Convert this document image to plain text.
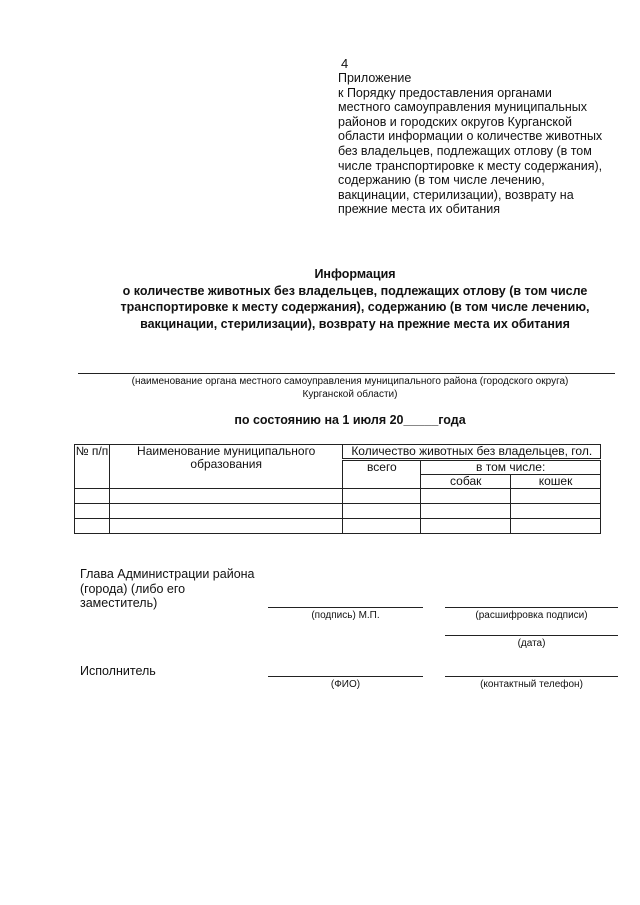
4
Приложение
к Порядку предоставления органами
местного самоуправления муниципальных
районов и городских округов Курганской
области информации о количестве животных
без владельцев, подлежащих отлову (в том
числе транспортировке к месту содержания),
содержанию (в том числе лечению,
вакцинации, стерилизации), возврату на
прежние места их обитания
Информация
о количестве животных без владельцев, подлежащих отлову (в том числе
транспортировке к месту содержания), содержанию (в том числе лечению,
вакцинации, стерилизации), возврату на прежние места их обитания
(наименование органа местного самоуправления муниципального района (городского округа)
Курганской области)
по состоянию на 1 июля 20_____года
№ п/п	Наименование муниципального образования	Количество животных без владельцев, гол.		
		всего	в том числе:	
			собак	кошек

Глава Администрации района
(города) (либо его
заместитель)
(подпись) М.П.	(расшифровка подписи)
(дата)
Исполнитель
(ФИО)	(контактный телефон)
